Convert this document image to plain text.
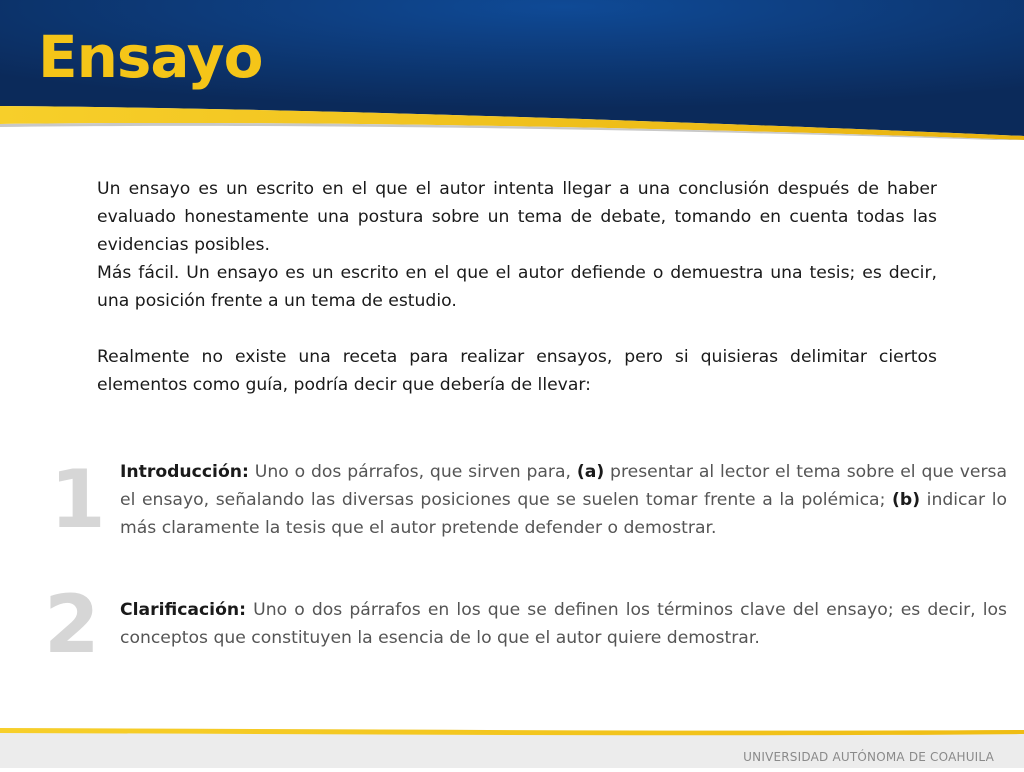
Ensayo

Un ensayo es un escrito en el que el autor intenta llegar a una conclusión después de haber evaluado honestamente una postura sobre un tema de debate, tomando en cuenta todas las evidencias posibles.

Más fácil. Un ensayo es un escrito en el que el autor defiende o demuestra una tesis; es decir, una posición frente a un tema de estudio.

Realmente no existe una receta para realizar ensayos, pero si quisieras delimitar ciertos elementos como guía, podría decir que debería de llevar:

1 Introducción: Uno o dos párrafos, que sirven para, (a) presentar al lector el tema sobre el que versa el ensayo, señalando las diversas posiciones que se suelen tomar frente a la polémica; (b) indicar lo más claramente la tesis que el autor pretende defender o demostrar.
2 Clarificación: Uno o dos párrafos en los que se definen los términos clave del ensayo; es decir, los conceptos que constituyen la esencia de lo que el autor quiere demostrar.
UNIVERSIDAD AUTÓNOMA DE COAHUILA
